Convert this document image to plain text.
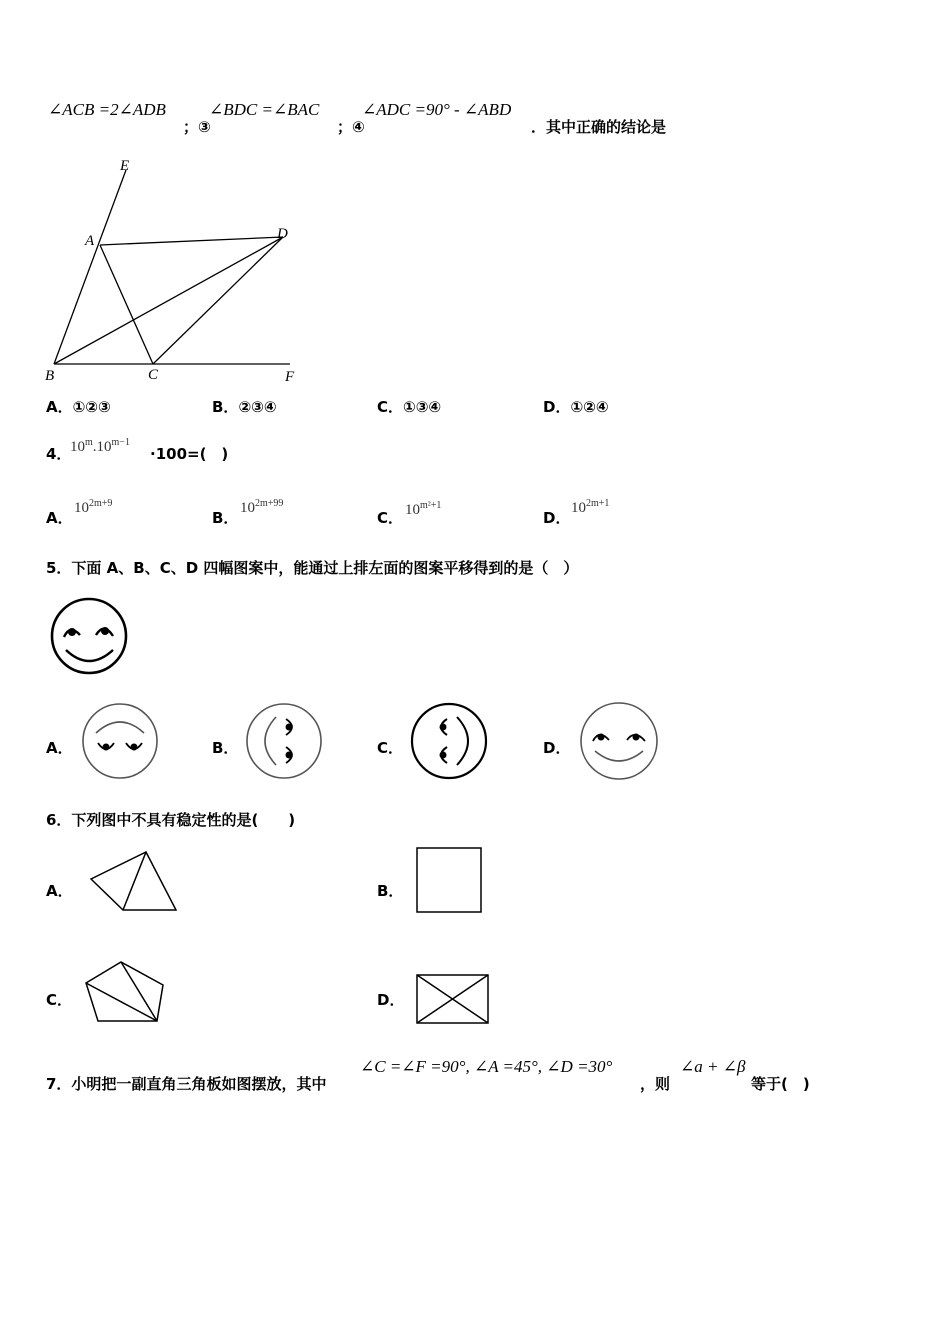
∠ACB =2∠ADB
；③
∠BDC =∠BAC
；④
∠ADC =90° - ∠ABD
．其中正确的结论是
E
A	D
B	C	F
A．①②③	B．②③④	C．①③④	D．①②④
4．
$10^m.10^{m-1}$
·100=(　)
A．
$10^{2m+9}$
B．
$10^{2m+99}$
C． $10^{m^2+1}$
D．
$10^{2m+1}$
5．下面 A、B、C、D 四幅图案中，能通过上排左面的图案平移得到的是（　）
A．	B．	C．	D．
6．下列图中不具有稳定性的是(　　)
A．	B．
C．	D．
7．小明把一副直角三角板如图摆放，其中
∠C =∠F =90°, ∠A =45°, ∠D =30°
，则
∠a + ∠β
等于(　)
